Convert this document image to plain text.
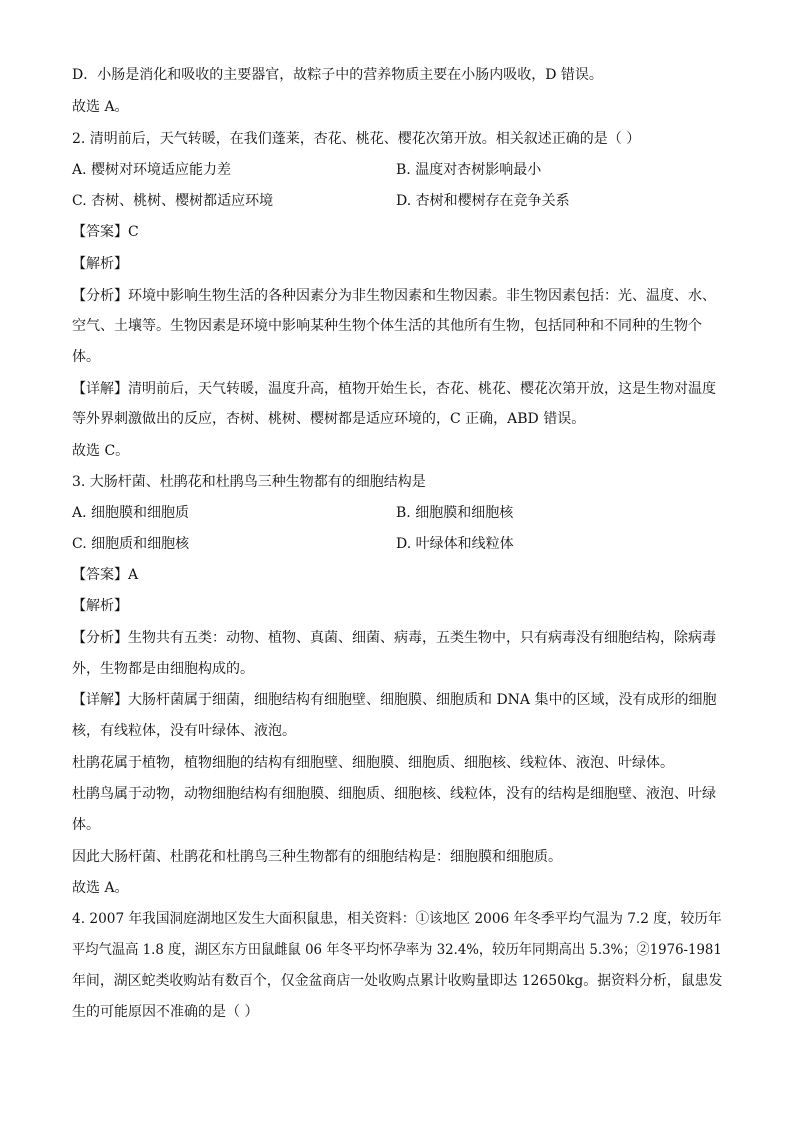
D．小肠是消化和吸收的主要器官，故粽子中的营养物质主要在小肠内吸收，D 错误。
故选 A。
2. 清明前后，天气转暖，在我们蓬莱，杏花、桃花、樱花次第开放。相关叙述正确的是（ ）
A. 樱树对环境适应能力差	B. 温度对杏树影响最小
C. 杏树、桃树、樱树都适应环境	D. 杏树和樱树存在竞争关系
【答案】C
【解析】
【分析】环境中影响生物生活的各种因素分为非生物因素和生物因素。非生物因素包括：光、温度、水、
空气、土壤等。生物因素是环境中影响某种生物个体生活的其他所有生物，包括同种和不同种的生物个
体。
【详解】清明前后，天气转暖，温度升高，植物开始生长，杏花、桃花、樱花次第开放，这是生物对温度
等外界刺激做出的反应，杏树、桃树、樱树都是适应环境的，C 正确，ABD 错误。
故选 C。
3. 大肠杆菌、杜鹃花和杜鹃鸟三种生物都有的细胞结构是
A. 细胞膜和细胞质	B. 细胞膜和细胞核
C. 细胞质和细胞核	D. 叶绿体和线粒体
【答案】A
【解析】
【分析】生物共有五类：动物、植物、真菌、细菌、病毒，五类生物中，只有病毒没有细胞结构，除病毒
外，生物都是由细胞构成的。
【详解】大肠杆菌属于细菌，细胞结构有细胞壁、细胞膜、细胞质和 DNA 集中的区域，没有成形的细胞
核，有线粒体，没有叶绿体、液泡。
杜鹃花属于植物，植物细胞的结构有细胞壁、细胞膜、细胞质、细胞核、线粒体、液泡、叶绿体。
杜鹃鸟属于动物，动物细胞结构有细胞膜、细胞质、细胞核、线粒体，没有的结构是细胞壁、液泡、叶绿
体。
因此大肠杆菌、杜鹃花和杜鹃鸟三种生物都有的细胞结构是：细胞膜和细胞质。
故选 A。
4. 2007 年我国洞庭湖地区发生大面积鼠患，相关资料：①该地区 2006 年冬季平均气温为 7.2 度，较历年
平均气温高 1.8 度，湖区东方田鼠雌鼠 06 年冬平均怀孕率为 32.4%，较历年同期高出 5.3%；②1976-1981
年间，湖区蛇类收购站有数百个，仅金盆商店一处收购点累计收购量即达 12650kg。据资料分析，鼠患发
生的可能原因不准确的是（ ）
